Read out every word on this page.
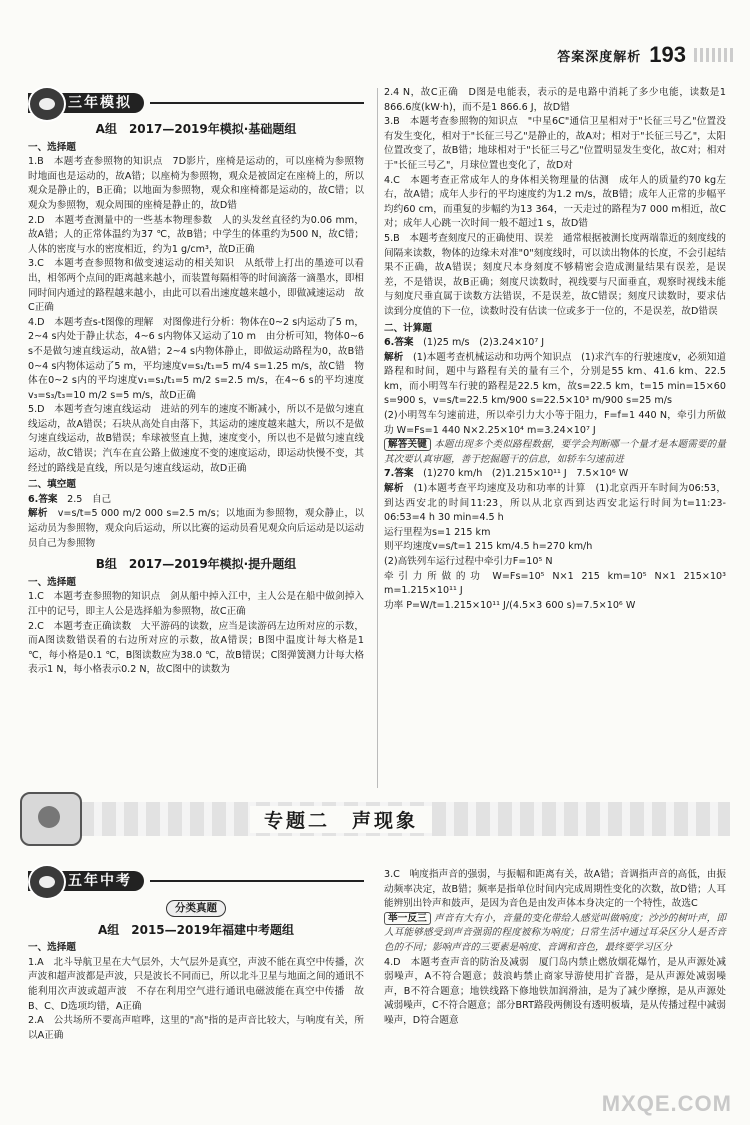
答案深度解析 193
三年模拟
A组　2017—2019年模拟·基础题组
一、选择题

1.B　本题考查参照物的知识点　7D影片，座椅是运动的，可以座椅为参照物时地面也是运动的，故A错；以座椅为参照物，观众是被固定在座椅上的，所以观众是静止的，B正确；以地面为参照物，观众和座椅都是运动的，故C错；以观众为参照物，观众周围的座椅是静止的，故D错

2.D　本题考查测量中的一些基本物理参数　人的头发丝直径约为0.06 mm，故A错；人的正常体温约为37 ℃，故B错；中学生的体重约为500 N，故C错；人体的密度与水的密度相近，约为1 g/cm³，故D正确

3.C　本题考查参照物和做变速运动的相关知识　从纸带上打出的墨迹可以看出，相邻两个点间的距离越来越小，而装置每隔相等的时间滴落一滴墨水，即相同时间内通过的路程越来越小，由此可以看出速度越来越小，即做减速运动　故C正确

4.D　本题考查s-t图像的理解　对图像进行分析：物体在0~2 s内运动了5 m，2~4 s内处于静止状态，4~6 s内物体又运动了10 m　由分析可知，物体0~6 s不是做匀速直线运动，故A错；2~4 s内物体静止，即做运动路程为0，故B错　0~4 s内物体运动了5 m，平均速度v=s₁/t₁=5 m/4 s=1.25 m/s，故C错　物体在0~2 s内的平均速度v₁=s₁/t₁=5 m/2 s=2.5 m/s，在4~6 s的平均速度v₃=s₃/t₃=10 m/2 s=5 m/s，故D正确

5.D　本题考查匀速直线运动　进站的列车的速度不断减小，所以不是做匀速直线运动，故A错误；石块从高处自由落下，其运动的速度越来越大，所以不是做匀速直线运动，故B错误；牟球被竖直上抛，速度变小，所以也不是做匀速直线运动，故C错误；汽车在直公路上做速度不变的速度运动，即运动快慢不变，其经过的路线是直线，所以是匀速直线运动，故D正确

二、填空题

6.答案　 2.5　自己

解析　 v=s/t=5 000 m/2 000 s=2.5 m/s；以地面为参照物，观众静止，以运动员为参照物，观众向后运动，所以比赛的运动员看见观众向后运动是以运动员自己为参照物

B组　2017—2019年模拟·提升题组
一、选择题

1.C　本题考查参照物的知识点　剑从船中掉入江中，主人公是在船中做剑掉入江中的记号，即主人公是选择船为参照物，故C正确

2.C　本题考查正确读数　大平游码的读数，应当是读游码左边所对应的示数，而A图读数错误看的右边所对应的示数，故A错误；B图中温度计每大格是1 ℃，每小格是0.1 ℃，B图读数应为38.0 ℃，故B错误；C图弹簧测力计每大格表示1 N，每小格表示0.2 N，故C图中的读数为

2.4 N，故C正确　D图是电能表，表示的是电路中消耗了多少电能，读数是1 866.6度(kW·h)，而不是1 866.6 J，故D错

3.B　本题考查参照物的知识点　"中星6C"通信卫星相对于"长征三号乙"位置没有发生变化，相对于"长征三号乙"是静止的，故A对；相对于"长征三号乙"，太阳位置改变了，故B错；地球相对于"长征三号乙"位置明显发生变化，故C对；相对于"长征三号乙"，月球位置也变化了，故D对

4.C　本题考查正常成年人的身体相关物理量的估测　成年人的质量约70 kg左右，故A错；成年人步行的平均速度约为1.2 m/s，故B错；成年人正常的步幅平均约60 cm，而重复的步幅约为13 364，一天走过的路程为7 000 m相近，故C对；成年人心跳一次时间一般不超过1 s，故D错

5.B　本题考查刻度尺的正确使用、误差　通常根据被测长度两端靠近的刻度线的间隔来读数，物体的边缘未对准"0"刻度线时，可以读出物体的长度，不会引起结果不正确，故A错误；刻度尺本身刻度不够精密会造成测量结果有误差，是误差，不是错误，故B正确；刻度尺读数时，视线要与尺面垂直，观察时视线未能与刻度尺垂直属于读数方法错误，不是误差，故C错误；刻度尺读数时，要求估读到分度值的下一位，读数时没有估读一位或多于一位的，不是误差，故D错误

二、计算题

6.答案　 (1)25 m/s　(2)3.24×10⁷ J

解析　 (1)本题考查机械运动和功两个知识点　(1)求汽车的行驶速度v，必须知道路程和时间，题中与路程有关的量有三个，分别是55 km、41.6 km、22.5 km，而小明驾车行驶的路程是22.5 km，故s=22.5 km，t=15 min=15×60 s=900 s，v=s/t=22.5 km/900 s=22.5×10³ m/900 s=25 m/s

(2)小明驾车匀速前进，所以牵引力大小等于阻力，F=f=1 440 N，牵引力所做功 W=Fs=1 440 N×2.25×10⁴ m=3.24×10⁷ J

解答关键 本题出现多个类似路程数据，要学会判断哪一个量才是本题需要的量　其次要认真审题，善于挖掘题干的信息，如轿车匀速前进

7.答案　 (1)270 km/h　(2)1.215×10¹¹ J　7.5×10⁶ W

解析　 (1)本题考查平均速度及功和功率的计算　(1)北京西开车时间为06:53，到达西安北的时间11:23，所以从北京西到达西安北运行时间为t=11:23-06:53=4 h 30 min=4.5 h

运行里程为s=1 215 km

则平均速度v=s/t=1 215 km/4.5 h=270 km/h

(2)高铁列车运行过程中牵引力F=10⁵ N

牵引力所做的功 W=Fs=10⁵ N×1 215 km=10⁵ N×1 215×10³ m=1.215×10¹¹ J

功率 P=W/t=1.215×10¹¹ J/(4.5×3 600 s)=7.5×10⁶ W

专题二　声现象
五年中考
分类真题
A组　2015—2019年福建中考题组
一、选择题

1.A　北斗导航卫星在大气层外，大气层外是真空，声波不能在真空中传播，次声波和超声波都是声波，只是波长不同而已，所以北斗卫星与地面之间的通讯不能利用次声波或超声波　不存在利用空气进行通讯电磁波能在真空中传播　故B、C、D选项均错，A正确

2.A　公共场所不要高声喧哗，这里的"高"指的是声音比较大，与响度有关，所以A正确

3.C　响度指声音的强弱，与振幅和距离有关，故A错；音调指声音的高低，由振动频率决定，故B错；频率是指单位时间内完成周期性变化的次数，故D错；人耳能辨别出铃声和鼓声，是因为音色是由发声体本身决定的一个特性，故选C

举一反三 声音有大有小，音量的变化带给人感觉叫做响度；沙沙的树叶声，即人耳能够感受到声音强弱的程度被称为响度；日常生活中通过耳朵区分人是否音色的不同；影响声音的三要素是响度、音调和音色，最终要学习区分

4.D　本题考查声音的防治及减弱　厦门岛内禁止燃放烟花爆竹，是从声源处减弱噪声，A不符合题意；鼓浪屿禁止商家导游使用扩音器，是从声源处减弱噪声，B不符合题意；地铁线路下修地铁加润滑油，是为了减少摩擦，是从声源处减弱噪声，C不符合题意；部分BRT路段两侧设有透明板墙，是从传播过程中减弱噪声，D符合题意

MXQE.COM
